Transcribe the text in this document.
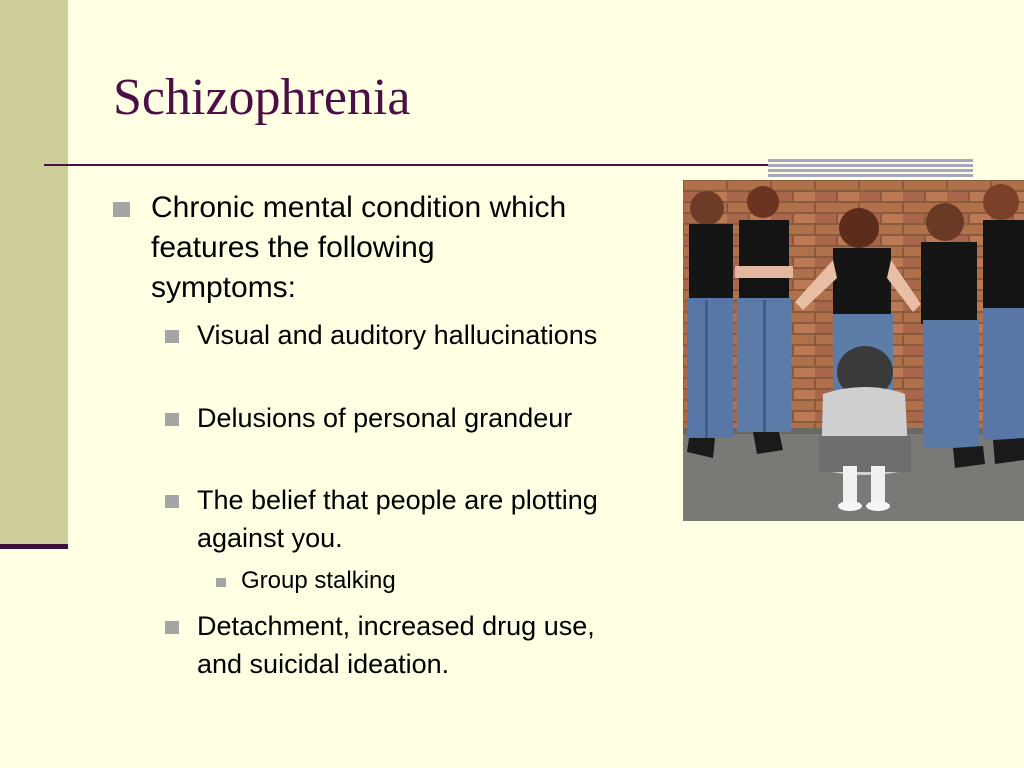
Schizophrenia
Chronic mental condition which features the following symptoms:
Visual and auditory hallucinations
Delusions of personal grandeur
The belief that people are plotting against you.
Group stalking
Detachment, increased drug use, and suicidal ideation.
